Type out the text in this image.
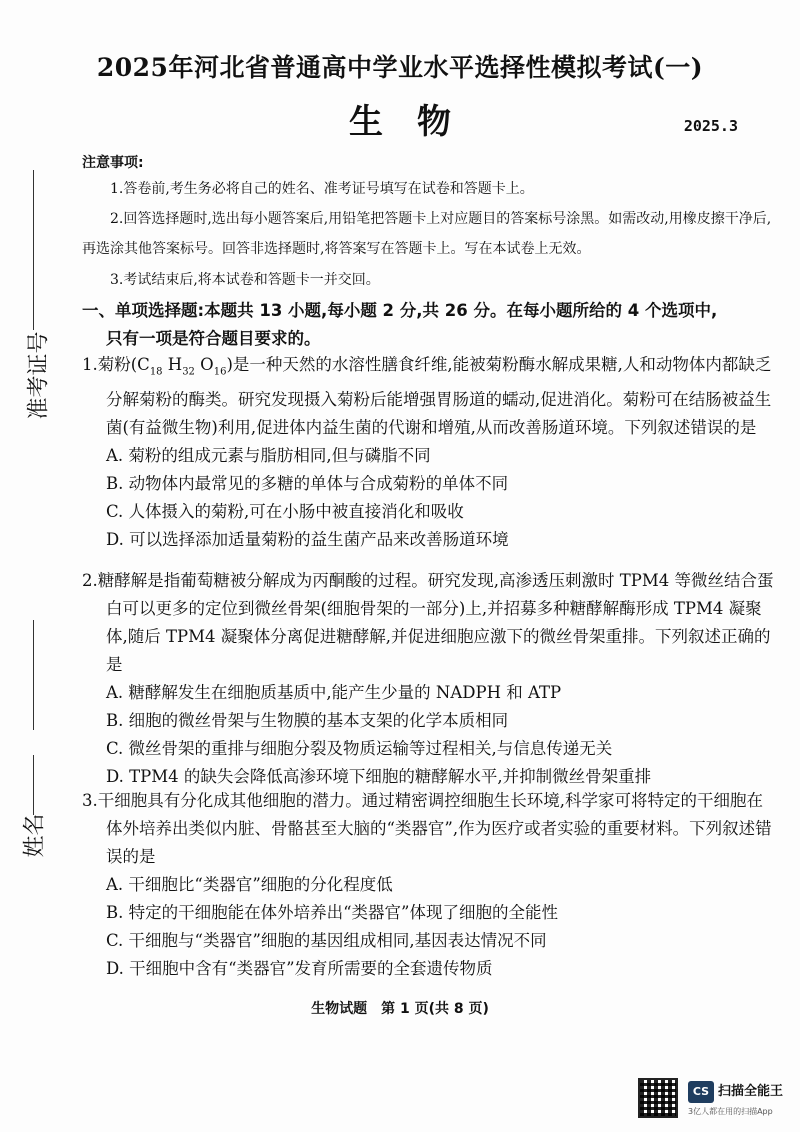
2025年河北省普通高中学业水平选择性模拟考试(一)
生物	2025.3
准考证号
姓名
注意事项:
1.答卷前,考生务必将自己的姓名、准考证号填写在试卷和答题卡上。
2.回答选择题时,选出每小题答案后,用铅笔把答题卡上对应题目的答案标号涂黑。如需改动,用橡皮擦干净后,再选涂其他答案标号。回答非选择题时,将答案写在答题卡上。写在本试卷上无效。
3.考试结束后,将本试卷和答题卡一并交回。
一、单项选择题:本题共 13 小题,每小题 2 分,共 26 分。在每小题所给的 4 个选项中,
只有一项是符合题目要求的。
1.菊粉($C_{18}$ $H_{32}$ $O_{16}$)是一种天然的水溶性膳食纤维,能被菊粉酶水解成果糖,人和动物体内都缺乏分解菊粉的酶类。研究发现摄入菊粉后能增强胃肠道的蠕动,促进消化。菊粉可在结肠被益生菌(有益微生物)利用,促进体内益生菌的代谢和增殖,从而改善肠道环境。下列叙述错误的是
A. 菊粉的组成元素与脂肪相同,但与磷脂不同
B. 动物体内最常见的多糖的单体与合成菊粉的单体不同
C. 人体摄入的菊粉,可在小肠中被直接消化和吸收
D. 可以选择添加适量菊粉的益生菌产品来改善肠道环境
2.糖酵解是指葡萄糖被分解成为丙酮酸的过程。研究发现,高渗透压刺激时 TPM4 等微丝结合蛋白可以更多的定位到微丝骨架(细胞骨架的一部分)上,并招募多种糖酵解酶形成 TPM4 凝聚体,随后 TPM4 凝聚体分离促进糖酵解,并促进细胞应激下的微丝骨架重排。下列叙述正确的是
A. 糖酵解发生在细胞质基质中,能产生少量的 NADPH 和 ATP
B. 细胞的微丝骨架与生物膜的基本支架的化学本质相同
C. 微丝骨架的重排与细胞分裂及物质运输等过程相关,与信息传递无关
D. TPM4 的缺失会降低高渗环境下细胞的糖酵解水平,并抑制微丝骨架重排
3.干细胞具有分化成其他细胞的潜力。通过精密调控细胞生长环境,科学家可将特定的干细胞在体外培养出类似内脏、骨骼甚至大脑的“类器官”,作为医疗或者实验的重要材料。下列叙述错误的是
A. 干细胞比“类器官”细胞的分化程度低
B. 特定的干细胞能在体外培养出“类器官”体现了细胞的全能性
C. 干细胞与“类器官”细胞的基因组成相同,基因表达情况不同
D. 干细胞中含有“类器官”发育所需要的全套遗传物质
生物试题　第 1 页(共 8 页)
CS 扫描全能王
3亿人都在用的扫描App
